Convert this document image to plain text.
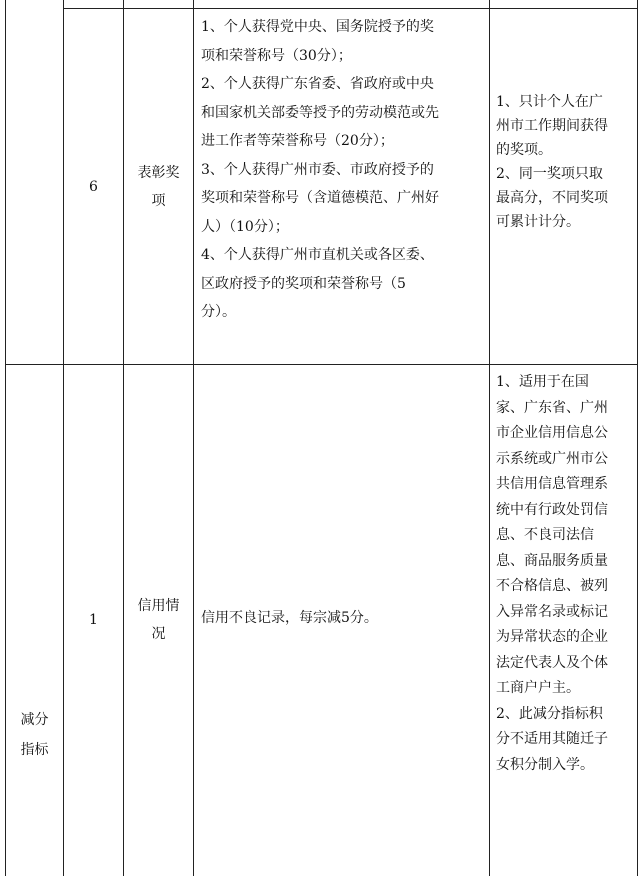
6
表彰奖
项

1、个人获得党中央、国务院授予的奖
项和荣誉称号（30分）；

2、个人获得广东省委、省政府或中央
和国家机关部委等授予的劳动模范或先
进工作者等荣誉称号（20分）；

3、个人获得广州市委、市政府授予的
奖项和荣誉称号（含道德模范、广州好
人）（10分）；

4、个人获得广州市直机关或各区委、
区政府授予的奖项和荣誉称号（5
分）。

1、只计个人在广
州市工作期间获得
的奖项。

2、同一奖项只取
最高分，不同奖项
可累计计分。

减分
指标
1
信用情
况
信用不良记录，每宗减5分。

1、适用于在国
家、广东省、广州
市企业信用信息公
示系统或广州市公
共信用信息管理系
统中有行政处罚信
息、不良司法信
息、商品服务质量
不合格信息、被列
入异常名录或标记
为异常状态的企业
法定代表人及个体
工商户户主。

2、此减分指标积
分不适用其随迁子
女积分制入学。
